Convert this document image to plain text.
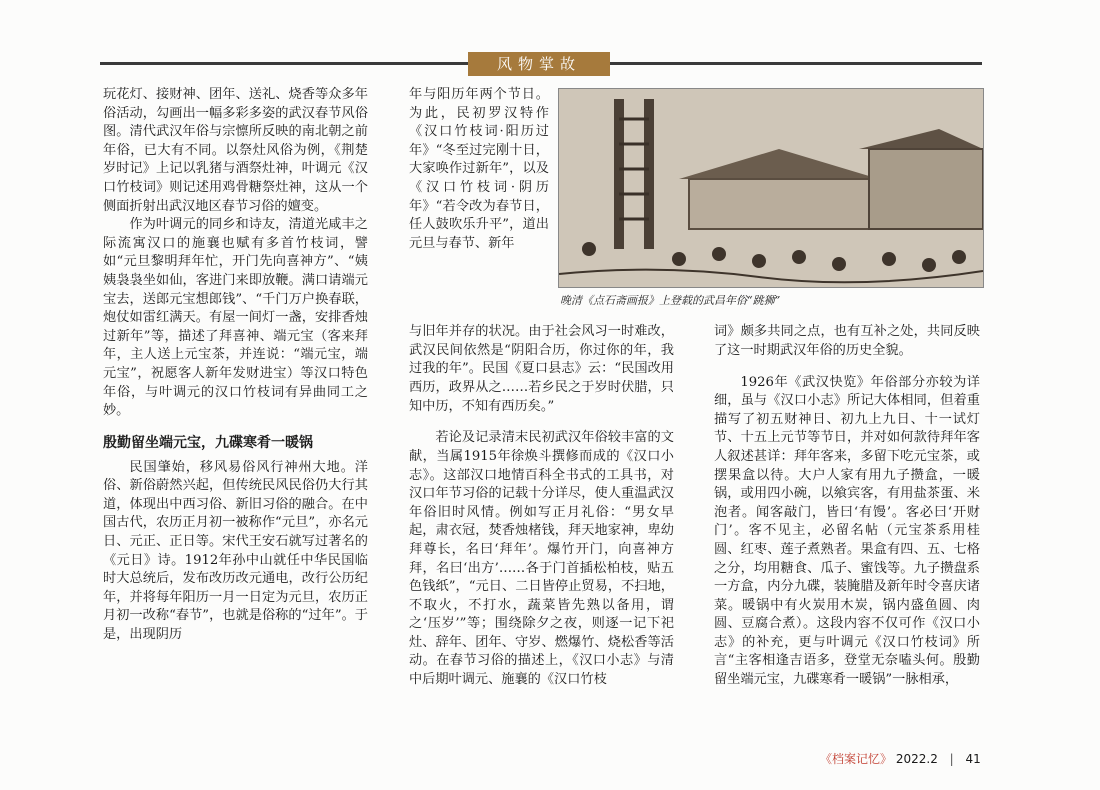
风物掌故

玩花灯、接财神、团年、送礼、烧香等众多年俗活动，勾画出一幅多彩多姿的武汉春节风俗图。清代武汉年俗与宗懔所反映的南北朝之前年俗，已大有不同。以祭灶风俗为例，《荆楚岁时记》上记以乳猪与酒祭灶神，叶调元《汉口竹枝词》则记述用鸡骨糖祭灶神，这从一个侧面折射出武汉地区春节习俗的嬗变。

作为叶调元的同乡和诗友，清道光咸丰之际流寓汉口的施襄也赋有多首竹枝词，譬如“元旦黎明拜年忙，开门先向喜神方”、“姨姨袅袅坐如仙，客进门来即放鞭。满口请端元宝去，送郎元宝想郎钱”、“千门万户换春联，炮仗如雷红满天。有屋一间灯一盏，安排香烛过新年”等，描述了拜喜神、端元宝（客来拜年，主人送上元宝茶，并连说：“端元宝，端元宝”，祝愿客人新年发财进宝）等汉口特色年俗，与叶调元的汉口竹枝词有异曲同工之妙。

殷勤留坐端元宝，九碟寒肴一暖锅

民国肇始，移风易俗风行神州大地。洋俗、新俗蔚然兴起，但传统民风民俗仍大行其道，体现出中西习俗、新旧习俗的融合。在中国古代，农历正月初一被称作“元旦”，亦名元日、元正、正日等。宋代王安石就写过著名的《元日》诗。1912年孙中山就任中华民国临时大总统后，发布改历改元通电，改行公历纪年，并将每年阳历一月一日定为元旦，农历正月初一改称“春节”，也就是俗称的“过年”。于是，出现阴历

年与阳历年两个节日。为此，民初罗汉特作《汉口竹枝词·阳历过年》“冬至过完刚十日，大家唤作过新年”，以及《汉口竹枝词·阴历年》“若令改为春节日，任人鼓吹乐升平”，道出元旦与春节、新年

晚清《点石斋画报》上登载的武昌年俗“跳狮”

与旧年并存的状况。由于社会风习一时难改，武汉民间依然是“阴阳合历，你过你的年，我过我的年”。民国《夏口县志》云：“民国改用西历，政界从之……若乡民之于岁时伏腊，只知中历，不知有西历矣。”

若论及记录清末民初武汉年俗较丰富的文献，当属1915年徐焕斗撰修而成的《汉口小志》。这部汉口地情百科全书式的工具书，对汉口年节习俗的记载十分详尽，使人重温武汉年俗旧时风情。例如写正月礼俗：“男女早起，肃衣冠，焚香烛楮钱，拜天地家神，卑幼拜尊长，名曰‘拜年’。爆竹开门，向喜神方拜，名曰‘出方’……各于门首插松柏枝，贴五色钱纸”，“元日、二日皆停止贸易，不扫地，不取火，不打水，蔬菜皆先熟以备用，谓之‘压岁’”等；围绕除夕之夜，则逐一记下祀灶、辞年、团年、守岁、燃爆竹、烧松香等活动。在春节习俗的描述上，《汉口小志》与清中后期叶调元、施襄的《汉口竹枝

词》颇多共同之点，也有互补之处，共同反映了这一时期武汉年俗的历史全貌。

1926年《武汉快览》年俗部分亦较为详细，虽与《汉口小志》所记大体相同，但着重描写了初五财神日、初九上九日、十一试灯节、十五上元节等节日，并对如何款待拜年客人叙述甚详：拜年客来，多留下吃元宝茶，或摆果盒以待。大户人家有用九子攒盒，一暖锅，或用四小碗，以飨宾客，有用盐茶蛋、米泡者。闻客敲门，皆曰‘有馒’。客必曰‘开财门’。客不见主，必留名帖（元宝茶系用桂圆、红枣、莲子煮熟者。果盒有四、五、七格之分，均用糖食、瓜子、蜜饯等。九子攒盘系一方盒，内分九碟，装腌腊及新年时令喜庆诸菜。暖锅中有火炭用木炭，锅内盛鱼圆、肉圆、豆腐合煮）。这段内容不仅可作《汉口小志》的补充，更与叶调元《汉口竹枝词》所言“主客相逢吉语多，登堂无奈嗑头何。殷勤留坐端元宝，九碟寒肴一暖锅”一脉相承，

《档案记忆》 2022.2 | 41
